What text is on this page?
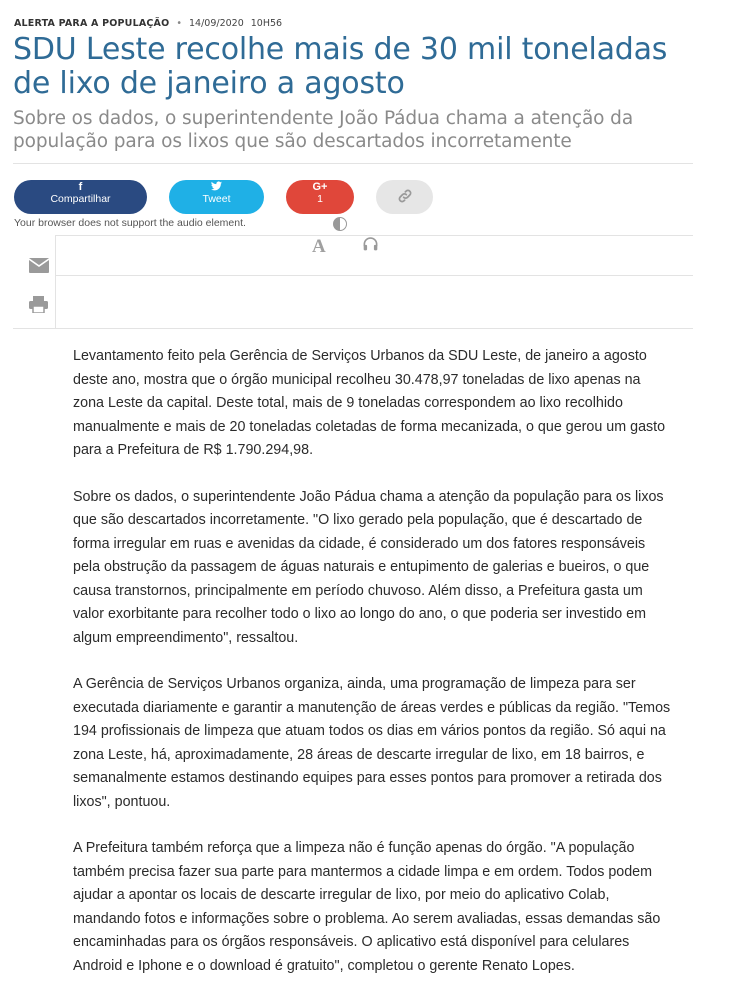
ALERTA PARA A POPULAÇÃO • 14/09/2020 10H56
SDU Leste recolhe mais de 30 mil toneladas de lixo de janeiro a agosto
Sobre os dados, o superintendente João Pádua chama a atenção da população para os lixos que são descartados incorretamente
f
Compartilhar	Tweet
G+
1
Your browser does not support the audio element.
A

Levantamento feito pela Gerência de Serviços Urbanos da SDU Leste, de janeiro a agosto deste ano, mostra que o órgão municipal recolheu 30.478,97 toneladas de lixo apenas na zona Leste da capital. Deste total, mais de 9 toneladas correspondem ao lixo recolhido manualmente e mais de 20 toneladas coletadas de forma mecanizada, o que gerou um gasto para a Prefeitura de R$ 1.790.294,98.

Sobre os dados, o superintendente João Pádua chama a atenção da população para os lixos que são descartados incorretamente. "O lixo gerado pela população, que é descartado de forma irregular em ruas e avenidas da cidade, é considerado um dos fatores responsáveis pela obstrução da passagem de águas naturais e entupimento de galerias e bueiros, o que causa transtornos, principalmente em período chuvoso. Além disso, a Prefeitura gasta um valor exorbitante para recolher todo o lixo ao longo do ano, o que poderia ser investido em algum empreendimento", ressaltou.

A Gerência de Serviços Urbanos organiza, ainda, uma programação de limpeza para ser executada diariamente e garantir a manutenção de áreas verdes e públicas da região. "Temos 194 profissionais de limpeza que atuam todos os dias em vários pontos da região. Só aqui na zona Leste, há, aproximadamente, 28 áreas de descarte irregular de lixo, em 18 bairros, e semanalmente estamos destinando equipes para esses pontos para promover a retirada dos lixos", pontuou.

A Prefeitura também reforça que a limpeza não é função apenas do órgão. "A população também precisa fazer sua parte para mantermos a cidade limpa e em ordem. Todos podem ajudar a apontar os locais de descarte irregular de lixo, por meio do aplicativo Colab, mandando fotos e informações sobre o problema. Ao serem avaliadas, essas demandas são encaminhadas para os órgãos responsáveis. O aplicativo está disponível para celulares Android e Iphone e o download é gratuito", completou o gerente Renato Lopes.
